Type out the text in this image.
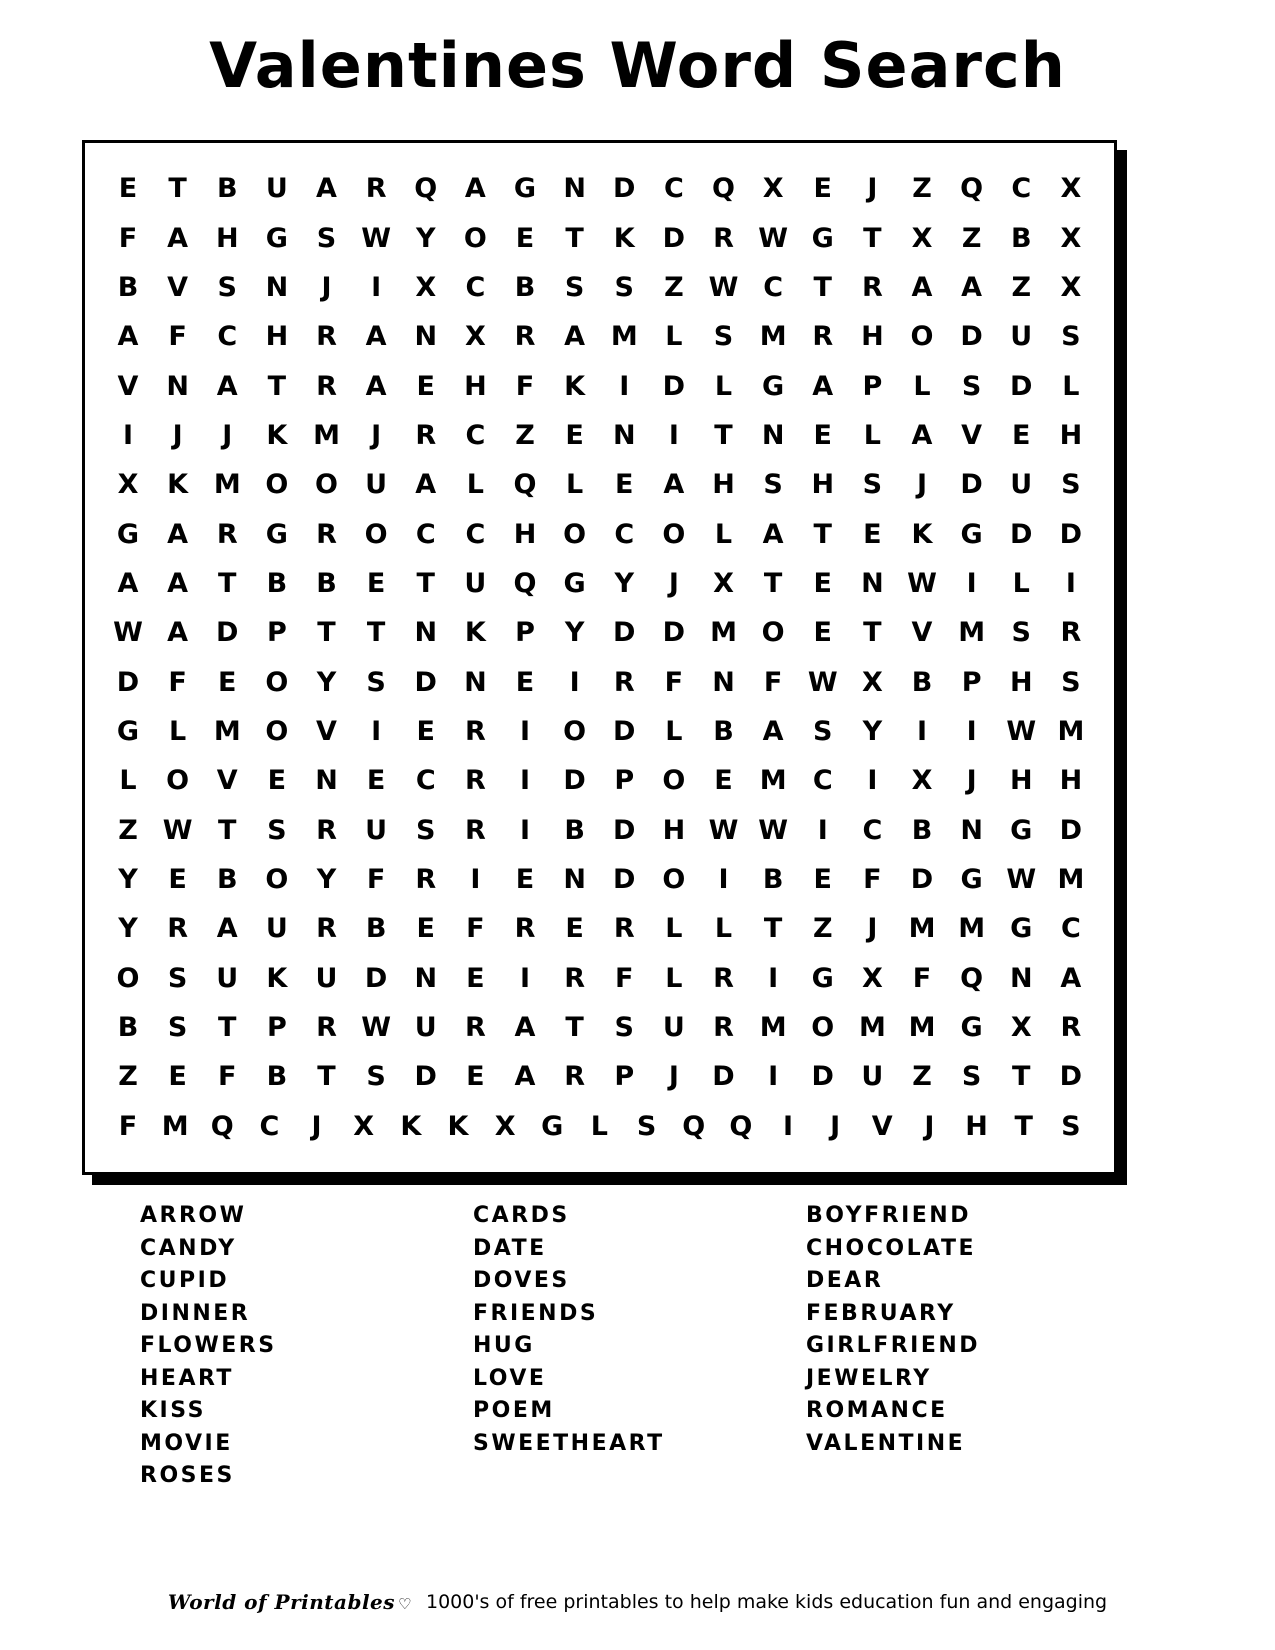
Valentines Word Search
E	T	B	U	A	R	Q	A	G N D	C	Q	X	E	J	Z	Q	C	X
F	A	H G	S W Y	O	E	T	K	D	R W G	T	X	Z	B	X
B	V	S	N	J	I	X	C	B	S	S	Z W C	T	R	A	A	Z	X
A	F	C	H	R	A	N	X	R	A M	L	S M R	H O D U	S
V	N	A	T	R	A	E	H	F	K	I	D	L	G	A	P	L	S	D	L
I	J	J	K M	J	R	C	Z	E	N	I	T	N	E	L	A	V	E	H
X	K M O O U	A	L	Q	L	E	A	H	S	H	S	J	D U	S
G	A	R	G	R	O	C	C	H O	C	O	L	A	T	E	K	G D D
A	A	T	B	B	E	T	U Q G	Y	J	X	T	E	N W	I	L	I
W A	D	P	T	T	N	K	P	Y	D D M O	E	T	V M S	R
D	F	E	O	Y	S	D N	E	I	R	F	N	F W X	B	P	H	S
G	L	M O	V	I	E	R	I	O D	L	B	A	S	Y	I	I	W M
L	O	V	E	N	E	C	R	I	D	P	O	E M C	I	X	J	H H
Z W T	S	R	U	S	R	I	B	D H W W	I	C	B	N G D
Y	E	B	O	Y	F	R	I	E	N D O	I	B	E	F	D G W M
Y	R	A	U	R	B	E	F	R	E	R	L	L	T	Z	J	M M G	C
O	S	U	K	U D N	E	I	R	F	L	R	I	G	X	F	Q N	A
B	S	T	P	R W U	R	A	T	S	U	R M O M M G	X	R
Z	E	F	B	T	S	D	E	A	R	P	J	D	I	D U	Z	S	T	D
F M Q C	J	X K K X G	L	S Q Q	I	J	V	J	H T	S
ARROW
CANDY
CUPID
DINNER
FLOWERS
HEART
KISS
MOVIE
ROSES
CARDS
DATE
DOVES
FRIENDS
HUG
LOVE
POEM
SWEETHEART
BOYFRIEND
CHOCOLATE
DEAR
FEBRUARY
GIRLFRIEND
JEWELRY
ROMANCE
VALENTINE
World of Printables ♡ 1000's of free printables to help make kids education fun and engaging
